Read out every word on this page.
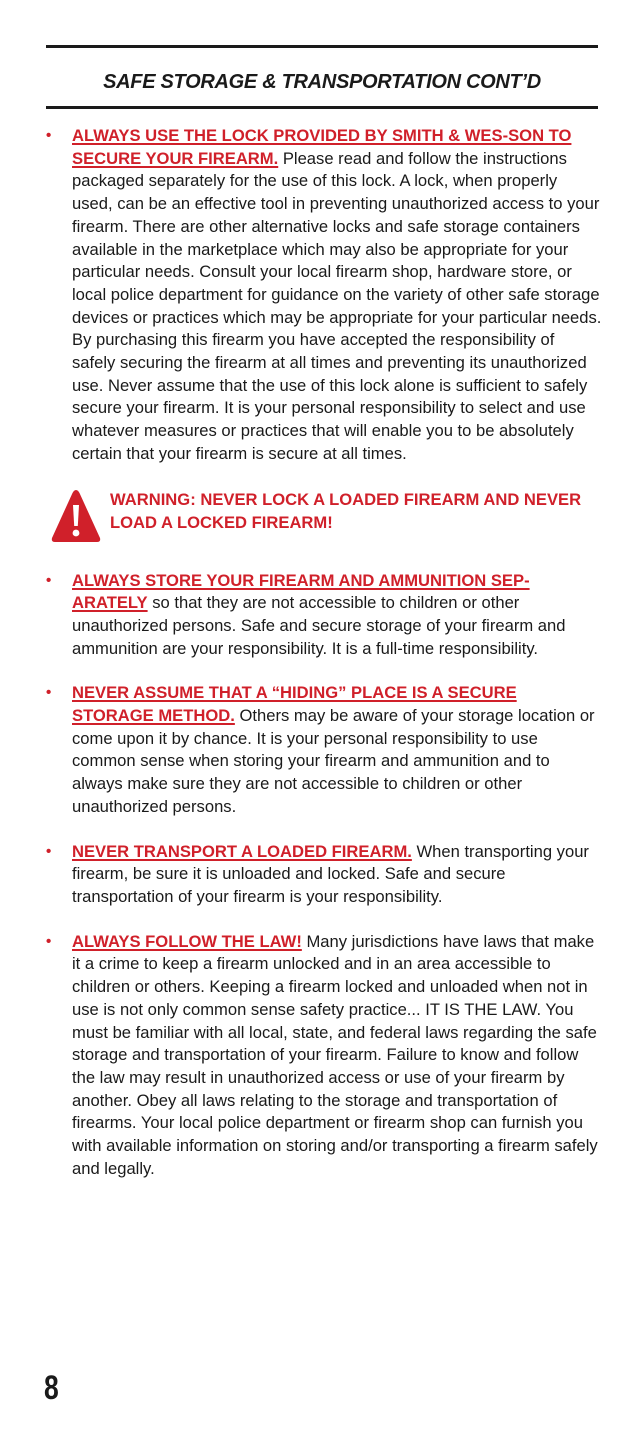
SAFE STORAGE & TRANSPORTATION CONT’D
• ALWAYS USE THE LOCK PROVIDED BY SMITH & WES-SON TO SECURE YOUR FIREARM. Please read and follow the instructions packaged separately for the use of this lock. A lock, when properly used, can be an effective tool in preventing unauthorized access to your firearm. There are other alternative locks and safe storage containers available in the marketplace which may also be appropriate for your particular needs. Consult your local firearm shop, hardware store, or local police department for guidance on the variety of other safe storage devices or practices which may be appropriate for your particular needs. By purchasing this firearm you have accepted the responsibility of safely securing the firearm at all times and preventing its unauthorized use. Never assume that the use of this lock alone is sufficient to safely secure your firearm. It is your personal responsibility to select and use whatever measures or practices that will enable you to be absolutely certain that your firearm is secure at all times.
WARNING: NEVER LOCK A LOADED FIREARM AND NEVER LOAD A LOCKED FIREARM!
• ALWAYS STORE YOUR FIREARM AND AMMUNITION SEP-ARATELY so that they are not accessible to children or other unauthorized persons. Safe and secure storage of your firearm and ammunition are your responsibility. It is a full-time responsibility.
• NEVER ASSUME THAT A “HIDING” PLACE IS A SECURE STORAGE METHOD. Others may be aware of your storage location or come upon it by chance. It is your personal responsibility to use common sense when storing your firearm and ammunition and to always make sure they are not accessible to children or other unauthorized persons.
• NEVER TRANSPORT A LOADED FIREARM. When transporting your firearm, be sure it is unloaded and locked. Safe and secure transportation of your firearm is your responsibility.
• ALWAYS FOLLOW THE LAW! Many jurisdictions have laws that make it a crime to keep a firearm unlocked and in an area accessible to children or others. Keeping a firearm locked and unloaded when not in use is not only common sense safety practice... IT IS THE LAW. You must be familiar with all local, state, and federal laws regarding the safe storage and transportation of your firearm. Failure to know and follow the law may result in unauthorized access or use of your firearm by another. Obey all laws relating to the storage and transportation of firearms. Your local police department or firearm shop can furnish you with available information on storing and/or transporting a firearm safely and legally.
8
